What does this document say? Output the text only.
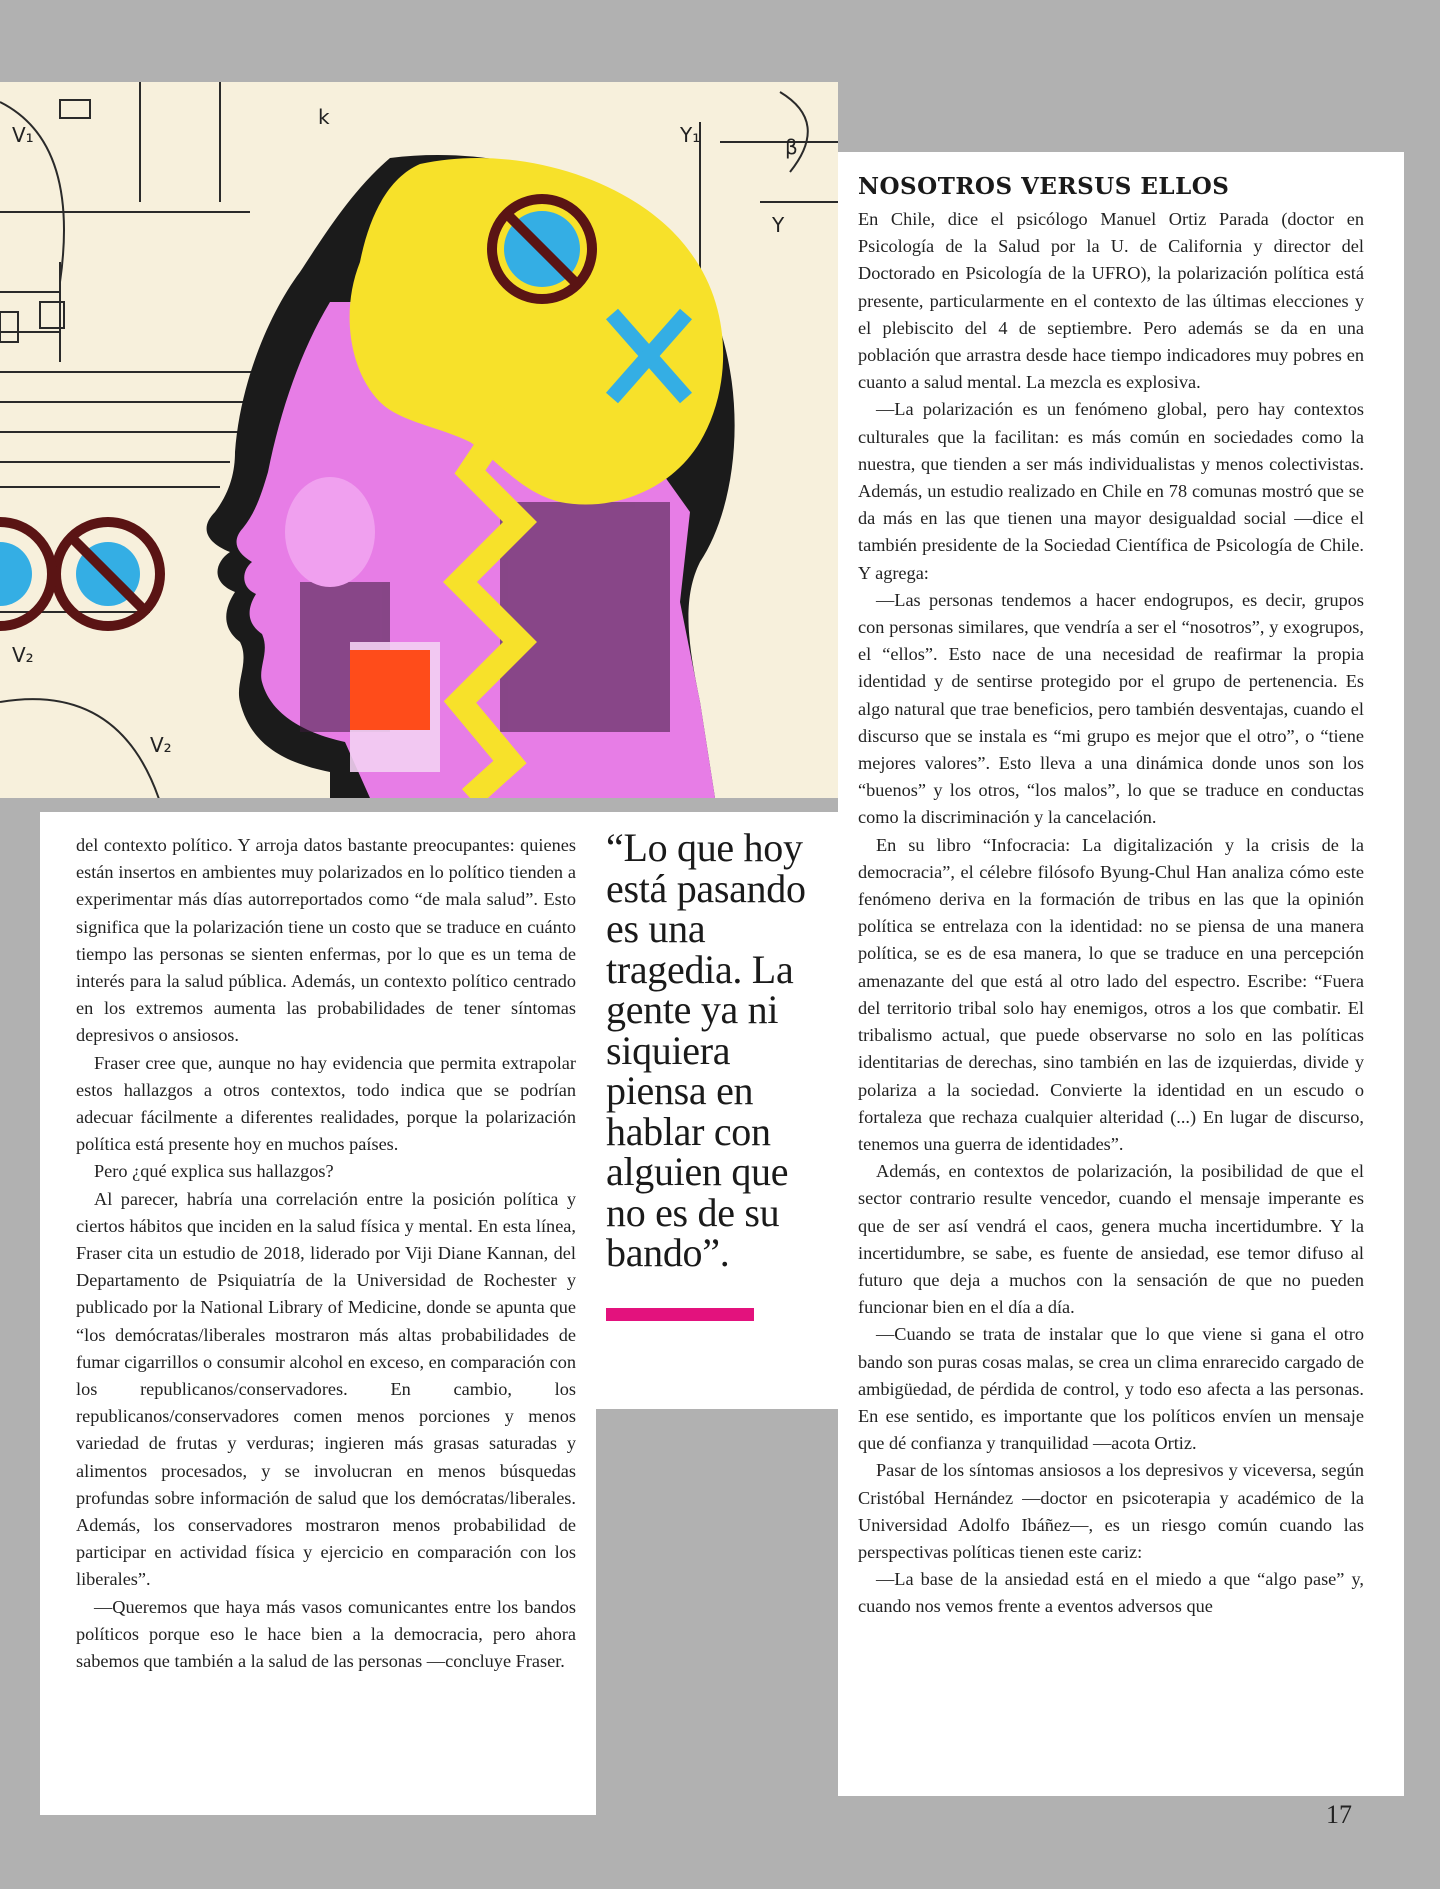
V₁
V₂
V₂
k
Y
Y₁	β
NOSOTROS VERSUS ELLOS

En Chile, dice el psicólogo Manuel Ortiz Parada (doctor en Psicología de la Salud por la U. de California y director del Doctorado en Psicología de la UFRO), la polarización política está presente, particularmente en el contexto de las últimas elecciones y el plebiscito del 4 de septiembre. Pero además se da en una población que arrastra desde hace tiempo indicadores muy pobres en cuanto a salud mental. La mezcla es explosiva.

—La polarización es un fenómeno global, pero hay contextos culturales que la facilitan: es más común en sociedades como la nuestra, que tienden a ser más individualistas y menos colectivistas. Además, un estudio realizado en Chile en 78 comunas mostró que se da más en las que tienen una mayor desigualdad social —dice el también presidente de la Sociedad Científica de Psicología de Chile. Y agrega:

—Las personas tendemos a hacer endogrupos, es decir, grupos con personas similares, que vendría a ser el “nosotros”, y exogrupos, el “ellos”. Esto nace de una necesidad de reafirmar la propia identidad y de sentirse protegido por el grupo de pertenencia. Es algo natural que trae beneficios, pero también desventajas, cuando el discurso que se instala es “mi grupo es mejor que el otro”, o “tiene mejores valores”. Esto lleva a una dinámica donde unos son los “buenos” y los otros, “los malos”, lo que se traduce en conductas como la discriminación y la cancelación.

En su libro “Infocracia: La digitalización y la crisis de la democracia”, el célebre filósofo Byung-Chul Han analiza cómo este fenómeno deriva en la formación de tribus en las que la opinión política se entrelaza con la identidad: no se piensa de una manera política, se es de esa manera, lo que se traduce en una percepción amenazante del que está al otro lado del espectro. Escribe: “Fuera del territorio tribal solo hay enemigos, otros a los que combatir. El tribalismo actual, que puede observarse no solo en las políticas identitarias de derechas, sino también en las de izquierdas, divide y polariza a la sociedad. Convierte la identidad en un escudo o fortaleza que rechaza cualquier alteridad (...) En lugar de discurso, tenemos una guerra de identidades”.

Además, en contextos de polarización, la posibilidad de que el sector contrario resulte vencedor, cuando el mensaje imperante es que de ser así vendrá el caos, genera mucha incertidumbre. Y la incertidumbre, se sabe, es fuente de ansiedad, ese temor difuso al futuro que deja a muchos con la sensación de que no pueden funcionar bien en el día a día.

—Cuando se trata de instalar que lo que viene si gana el otro bando son puras cosas malas, se crea un clima enrarecido cargado de ambigüedad, de pérdida de control, y todo eso afecta a las personas. En ese sentido, es importante que los políticos envíen un mensaje que dé confianza y tranquilidad —acota Ortiz.

Pasar de los síntomas ansiosos a los depresivos y viceversa, según Cristóbal Hernández —doctor en psicoterapia y académico de la Universidad Adolfo Ibáñez—, es un riesgo común cuando las perspectivas políticas tienen este cariz:

—La base de la ansiedad está en el miedo a que “algo pase” y, cuando nos vemos frente a eventos adversos que

del contexto político. Y arroja datos bastante preocupantes: quienes están insertos en ambientes muy polarizados en lo político tienden a experimentar más días autorreportados como “de mala salud”. Esto significa que la polarización tiene un costo que se traduce en cuánto tiempo las personas se sienten enfermas, por lo que es un tema de interés para la salud pública. Además, un contexto político centrado en los extremos aumenta las probabilidades de tener síntomas depresivos o ansiosos.

Fraser cree que, aunque no hay evidencia que permita extrapolar estos hallazgos a otros contextos, todo indica que se podrían adecuar fácilmente a diferentes realidades, porque la polarización política está presente hoy en muchos países.

Pero ¿qué explica sus hallazgos?

Al parecer, habría una correlación entre la posición política y ciertos hábitos que inciden en la salud física y mental. En esta línea, Fraser cita un estudio de 2018, liderado por Viji Diane Kannan, del Departamento de Psiquiatría de la Universidad de Rochester y publicado por la National Library of Medicine, donde se apunta que “los demócratas/liberales mostraron más altas probabilidades de fumar cigarrillos o consumir alcohol en exceso, en comparación con los republicanos/conservadores. En cambio, los republicanos/conservadores comen menos porciones y menos variedad de frutas y verduras; ingieren más grasas saturadas y alimentos procesados, y se involucran en menos búsquedas profundas sobre información de salud que los demócratas/liberales. Además, los conservadores mostraron menos probabilidad de participar en actividad física y ejercicio en comparación con los liberales”.

—Queremos que haya más vasos comunicantes entre los bandos políticos porque eso le hace bien a la democracia, pero ahora sabemos que también a la salud de las personas —concluye Fraser.

“Lo que hoy está pasando es una tragedia. La gente ya ni siquiera piensa en hablar con alguien que no es de su bando”.

17
